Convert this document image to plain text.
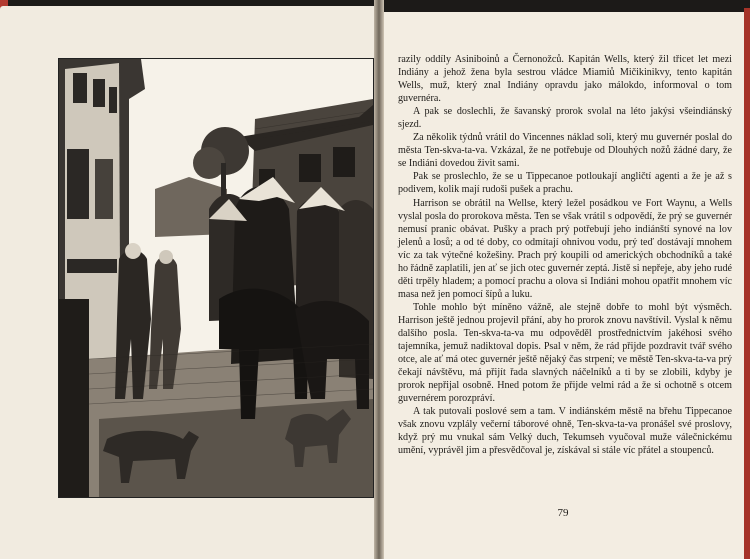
razily oddíly Asiniboinů a Černonožců. Kapitán Wells, který žil třicet let mezi Indiány a jehož žena byla sestrou vládce Miamiů Mičikinikvy, tento kapitán Wells, muž, který znal Indiány opravdu jako málokdo, informoval o tom guvernéra.

A pak se doslechli, že šavanský prorok svolal na léto jakýsi všeindiánský sjezd.

Za několik týdnů vrátil do Vincennes náklad soli, který mu guvernér poslal do města Ten-skva-ta-va. Vzkázal, že ne potřebuje od Dlouhých nožů žádné dary, že se Indiáni dovedou živit sami.

Pak se proslechlo, že se u Tippecanoe potloukají angličtí agenti a že je až s podivem, kolik mají rudoši pušek a prachu.

Harrison se obrátil na Wellse, který ležel posádkou ve Fort Waynu, a Wells vyslal posla do prorokova města. Ten se však vrátil s odpovědí, že prý se guvernér nemusí pranic obávat. Pušky a prach prý potřebují jeho indiánští synové na lov jelenů a losů; a od té doby, co odmítají ohnivou vodu, prý teď dostávají mnohem víc za tak výtečné kožešiny. Prach prý koupili od amerických obchodníků a také ho řádně zaplatili, jen ať se jich otec guvernér zeptá. Jistě si nepřeje, aby jeho rudé děti trpěly hladem; a pomocí prachu a olova si Indiáni mohou opatřit mnohem víc masa než jen pomocí šípů a luku.

Tohle mohlo být míněno vážně, ale stejně dobře to mohl být výsměch. Harrison ještě jednou projevil přání, aby ho prorok znovu navštívil. Vyslal k němu dalšího posla. Ten-skva-ta-va mu odpověděl prostřednictvím jakéhosi svého tajemníka, jemuž nadiktoval dopis. Psal v něm, že rád přijde pozdravit tvář svého otce, ale ať má otec guvernér ještě nějaký čas strpení; ve městě Ten-skva-ta-va prý čekají návštěvu, má přijít řada slavných náčelníků a ti by se zlobili, kdyby je prorok nepřijal osobně. Hned potom že přijde velmi rád a že si ochotně s otcem guvernérem porozpráví.

A tak putovali poslové sem a tam. V indiánském městě na břehu Tippecanoe však znovu vzplály večerní táborové ohně, Ten-skva-ta-va pronášel své proslovy, když prý mu vnukal sám Velký duch, Tekumseh vyučoval muže válečnickému umění, vyprávěl jim a přesvědčoval je, získával si stále víc přátel a stoupenců.

79
